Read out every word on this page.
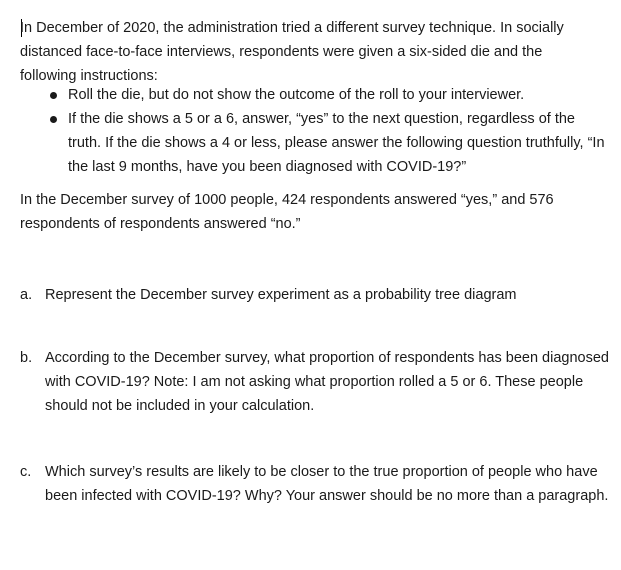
In December of 2020, the administration tried a different survey technique. In socially distanced face-to-face interviews, respondents were given a six-sided die and the following instructions:

Roll the die, but do not show the outcome of the roll to your interviewer.
If the die shows a 5 or a 6, answer, “yes” to the next question, regardless of the truth. If the die shows a 4 or less, please answer the following question truthfully, “In the last 9 months, have you been diagnosed with COVID-19?”

In the December survey of 1000 people, 424 respondents answered “yes,” and 576 respondents of respondents answered “no.”

a. Represent the December survey experiment as a probability tree diagram
b. According to the December survey, what proportion of respondents has been diagnosed with COVID-19? Note: I am not asking what proportion rolled a 5 or 6. These people should not be included in your calculation.
c. Which survey’s results are likely to be closer to the true proportion of people who have been infected with COVID-19? Why? Your answer should be no more than a paragraph.
